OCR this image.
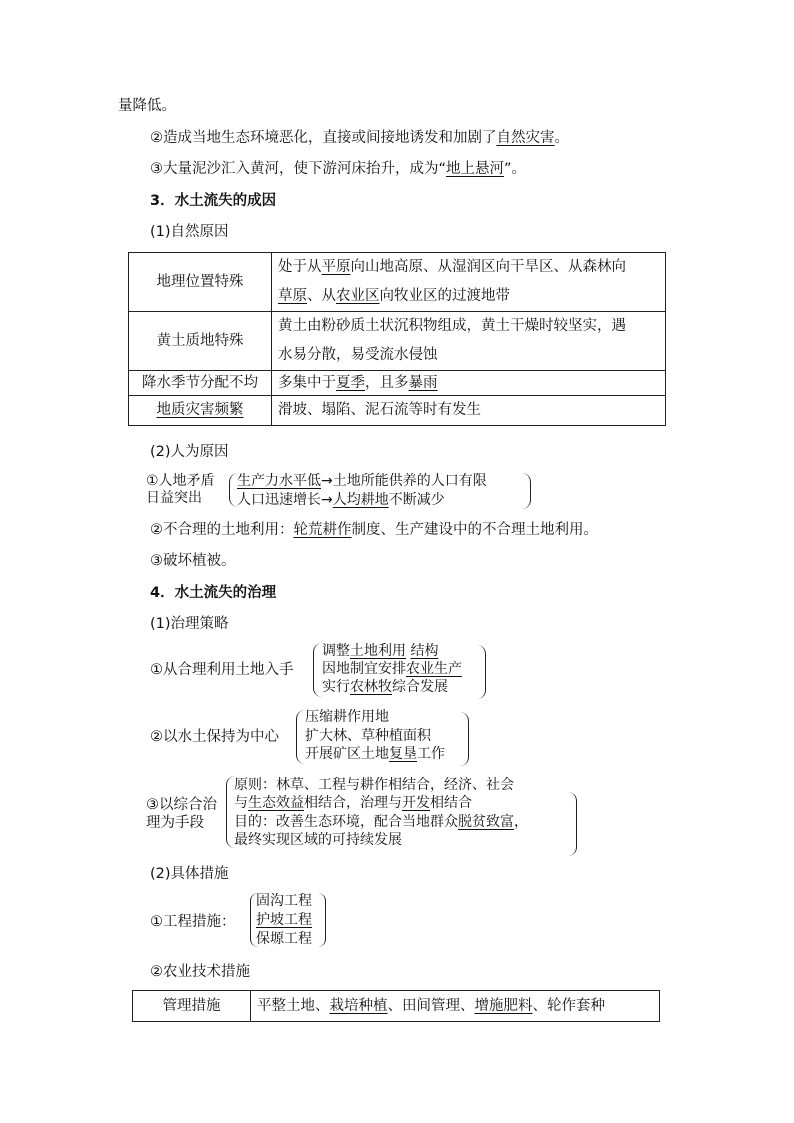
量降低。
②造成当地生态环境恶化，直接或间接地诱发和加剧了自然灾害。
③大量泥沙汇入黄河，使下游河床抬升，成为“地上悬河”。
3．水土流失的成因
(1)自然原因
地理位置特殊	处于从平原向山地高原、从湿润区向干旱区、从森林向
草原、从农业区向牧业区的过渡地带

黄土质地特殊	黄土由粉砂质土状沉积物组成，黄土干燥时较坚实，遇
水易分散，易受流水侵蚀

降水季节分配不均	多集中于夏季，且多暴雨
地质灾害频繁	滑坡、塌陷、泥石流等时有发生
(2)人为原因
①人地矛盾
日益突出
生产力水平低→土地所能供养的人口有限
人口迅速增长→人均耕地不断减少
②不合理的土地利用：轮荒耕作制度、生产建设中的不合理土地利用。
③破坏植被。
4．水土流失的治理
(1)治理策略
①从合理利用土地入手
调整土地利用 结构
因地制宜安排农业生产
实行农林牧综合发展
②以水土保持为中心
压缩耕作用地
扩大林、草种植面积
开展矿区土地复垦工作
③以综合治
理为手段
原则：林草、工程与耕作相结合，经济、社会
与生态效益相结合，治理与开发相结合
目的：改善生态环境，配合当地群众脱贫致富，
最终实现区域的可持续发展
(2)具体措施
①工程措施：
固沟工程
护坡工程
保塬工程
②农业技术措施
管理措施	平整土地、栽培种植、田间管理、增施肥料、轮作套种
